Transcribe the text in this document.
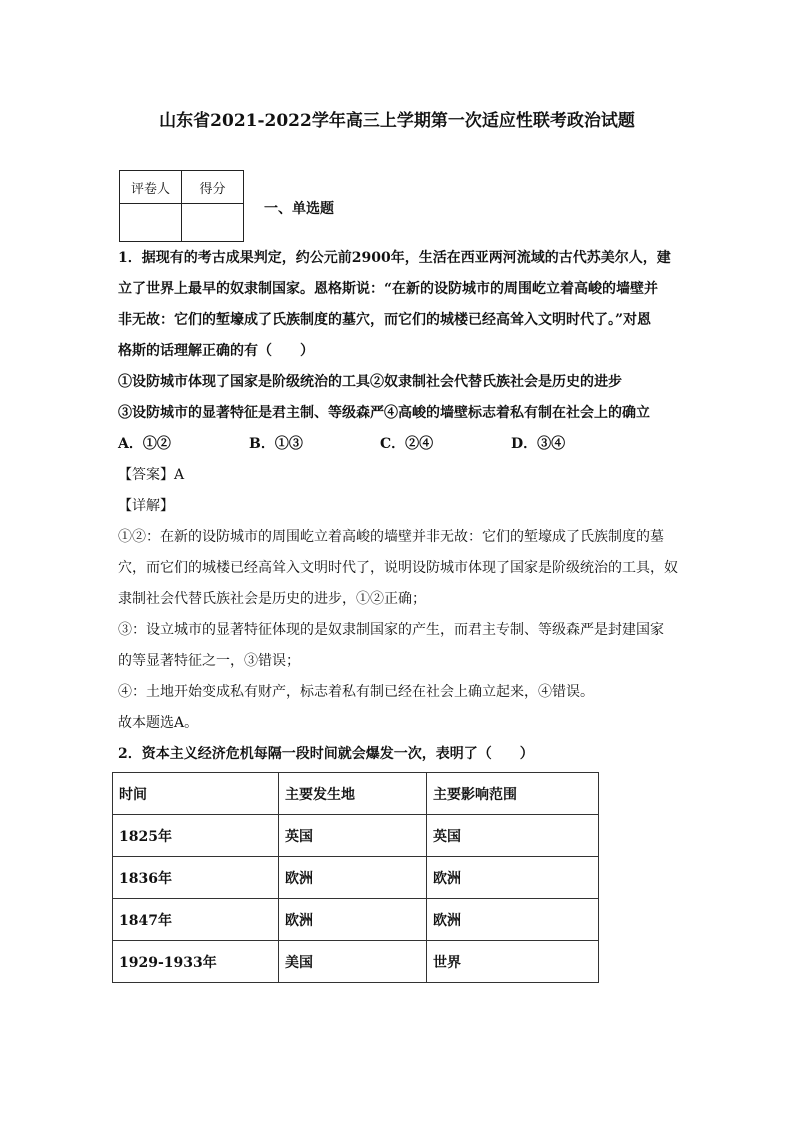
山东省2021-2022学年高三上学期第一次适应性联考政治试题
评卷人	得分

一、单选题
1．据现有的考古成果判定，约公元前2900年，生活在西亚两河流域的古代苏美尔人，建
立了世界上最早的奴隶制国家。恩格斯说：“在新的设防城市的周围屹立着高峻的墙壁并
非无故：它们的堑壕成了氏族制度的墓穴，而它们的城楼已经高耸入文明时代了。”对恩
格斯的话理解正确的有（　　）
①设防城市体现了国家是阶级统治的工具②奴隶制社会代替氏族社会是历史的进步
③设防城市的显著特征是君主制、等级森严④高峻的墙壁标志着私有制在社会上的确立
A．①②	B．①③	C．②④	D．③④
【答案】A
【详解】
①②：在新的设防城市的周围屹立着高峻的墙壁并非无故：它们的堑壕成了氏族制度的墓
穴，而它们的城楼已经高耸入文明时代了，说明设防城市体现了国家是阶级统治的工具，奴
隶制社会代替氏族社会是历史的进步，①②正确；
③：设立城市的显著特征体现的是奴隶制国家的产生，而君主专制、等级森严是封建国家
的等显著特征之一，③错误；
④：土地开始变成私有财产，标志着私有制已经在社会上确立起来，④错误。
故本题选A。
2．资本主义经济危机每隔一段时间就会爆发一次，表明了（　　）
时间	主要发生地	主要影响范围
1825年	英国	英国
1836年	欧洲	欧洲
1847年	欧洲	欧洲
1929-1933年	美国	世界
